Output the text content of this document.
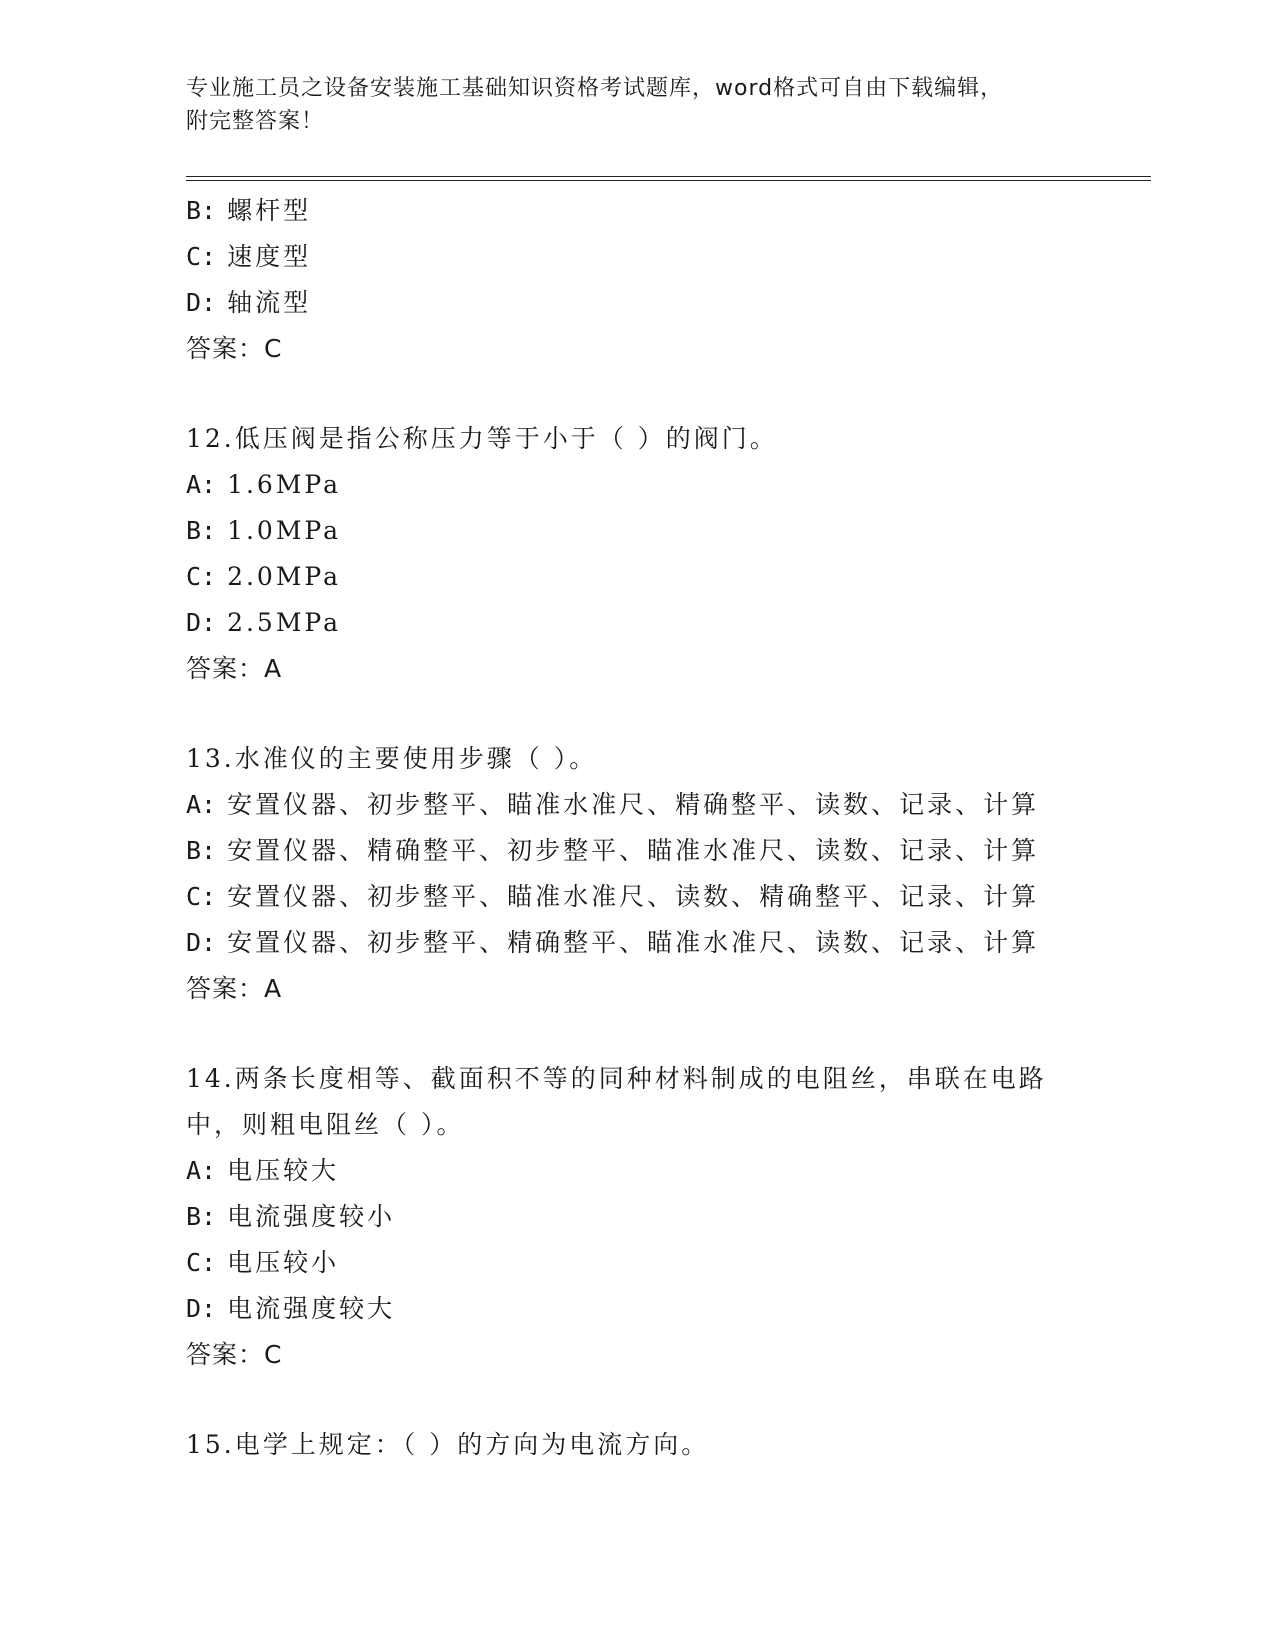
专业施工员之设备安装施工基础知识资格考试题库，word格式可自由下载编辑，
附完整答案！
B: 螺杆型
C: 速度型
D: 轴流型
答案：C
12.低压阀是指公称压力等于小于（ ）的阀门。
A: 1.6MPa
B: 1.0MPa
C: 2.0MPa
D: 2.5MPa
答案：A
13.水准仪的主要使用步骤（ ）。
A: 安置仪器、初步整平、瞄准水准尺、精确整平、读数、记录、计算
B: 安置仪器、精确整平、初步整平、瞄准水准尺、读数、记录、计算
C: 安置仪器、初步整平、瞄准水准尺、读数、精确整平、记录、计算
D: 安置仪器、初步整平、精确整平、瞄准水准尺、读数、记录、计算
答案：A
14.两条长度相等、截面积不等的同种材料制成的电阻丝，串联在电路
中，则粗电阻丝（ ）。
A: 电压较大
B: 电流强度较小
C: 电压较小
D: 电流强度较大
答案：C
15.电学上规定：（ ）的方向为电流方向。
